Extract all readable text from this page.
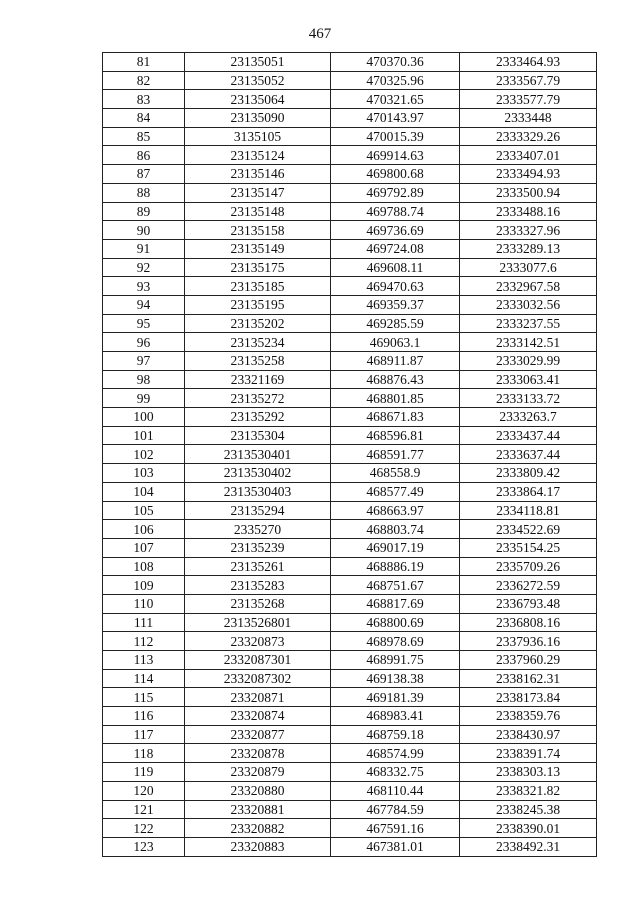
467
81	23135051	470370.36	2333464.93
82	23135052	470325.96	2333567.79
83	23135064	470321.65	2333577.79
84	23135090	470143.97	2333448
85	3135105	470015.39	2333329.26
86	23135124	469914.63	2333407.01
87	23135146	469800.68	2333494.93
88	23135147	469792.89	2333500.94
89	23135148	469788.74	2333488.16
90	23135158	469736.69	2333327.96
91	23135149	469724.08	2333289.13
92	23135175	469608.11	2333077.6
93	23135185	469470.63	2332967.58
94	23135195	469359.37	2333032.56
95	23135202	469285.59	2333237.55
96	23135234	469063.1	2333142.51
97	23135258	468911.87	2333029.99
98	23321169	468876.43	2333063.41
99	23135272	468801.85	2333133.72
100	23135292	468671.83	2333263.7
101	23135304	468596.81	2333437.44
102	2313530401	468591.77	2333637.44
103	2313530402	468558.9	2333809.42
104	2313530403	468577.49	2333864.17
105	23135294	468663.97	2334118.81
106	2335270	468803.74	2334522.69
107	23135239	469017.19	2335154.25
108	23135261	468886.19	2335709.26
109	23135283	468751.67	2336272.59
110	23135268	468817.69	2336793.48
111	2313526801	468800.69	2336808.16
112	23320873	468978.69	2337936.16
113	2332087301	468991.75	2337960.29
114	2332087302	469138.38	2338162.31
115	23320871	469181.39	2338173.84
116	23320874	468983.41	2338359.76
117	23320877	468759.18	2338430.97
118	23320878	468574.99	2338391.74
119	23320879	468332.75	2338303.13
120	23320880	468110.44	2338321.82
121	23320881	467784.59	2338245.38
122	23320882	467591.16	2338390.01
123	23320883	467381.01	2338492.31
